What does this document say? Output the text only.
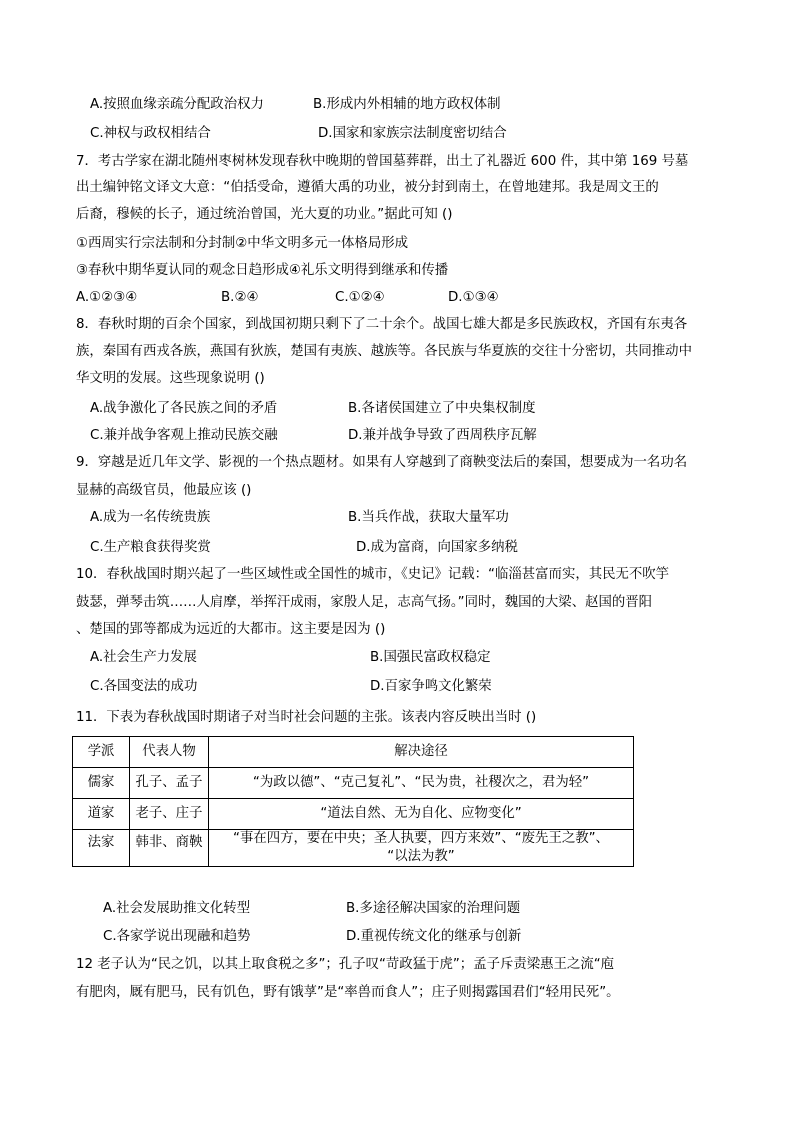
A.按照血缘亲疏分配政治权力	B.形成内外相辅的地方政权体制
C.神权与政权相结合	D.国家和家族宗法制度密切结合
7．考古学家在湖北随州枣树林发现春秋中晚期的曾国墓葬群，出土了礼器近 600 件，其中第 169 号墓
出土编钟铭文译文大意：“伯括受命，遵循大禹的功业，被分封到南土，在曾地建邦。我是周文王的
后裔，穆候的长子，通过统治曾国，光大夏的功业。”据此可知 ()
①西周实行宗法制和分封制②中华文明多元一体格局形成
③春秋中期华夏认同的观念日趋形成④礼乐文明得到继承和传播
A.①②③④	B.②④	C.①②④	D.①③④
8．春秋时期的百余个国家，到战国初期只剩下了二十余个。战国七雄大都是多民族政权，齐国有东夷各
族，秦国有西戎各族，燕国有狄族，楚国有夷族、越族等。各民族与华夏族的交往十分密切，共同推动中
华文明的发展。这些现象说明 ()
A.战争激化了各民族之间的矛盾	B.各诸侯国建立了中央集权制度
C.兼并战争客观上推动民族交融	D.兼并战争导致了西周秩序瓦解
9．穿越是近几年文学、影视的一个热点题材。如果有人穿越到了商鞅变法后的秦国，想要成为一名功名
显赫的高级官员，他最应该 ()
A.成为一名传统贵族	B.当兵作战，获取大量军功
C.生产粮食获得奖赏	D.成为富商，向国家多纳税
10．春秋战国时期兴起了一些区域性或全国性的城市，《史记》记载：“临淄甚富而实，其民无不吹竽
鼓瑟，弹琴击筑……人肩摩，举挥汗成雨，家殷人足，志高气扬。”同时，魏国的大梁、赵国的晋阳
、楚国的郢等都成为远近的大都市。这主要是因为 ()
A.社会生产力发展	B.国强民富政权稳定
C.各国变法的成功	D.百家争鸣文化繁荣
11．下表为春秋战国时期诸子对当时社会问题的主张。该表内容反映出当时 ()
学派	代表人物	解决途径
儒家	孔子、孟子	“为政以德”、“克己复礼”、“民为贵，社稷次之，君为轻”
道家	老子、庄子	“道法自然、无为自化、应物变化”
法家	韩非、商鞅	“事在四方，要在中央；圣人执要，四方来效”、“废先王之教”、
“以法为教”
A.社会发展助推文化转型	B.多途径解决国家的治理问题
C.各家学说出现融和趋势	D.重视传统文化的继承与创新
12 老子认为“民之饥，以其上取食税之多”；孔子叹“苛政猛于虎”；孟子斥责梁惠王之流“庖
有肥肉，厩有肥马，民有饥色，野有饿莩”是“率兽而食人”；庄子则揭露国君们“轻用民死”。
